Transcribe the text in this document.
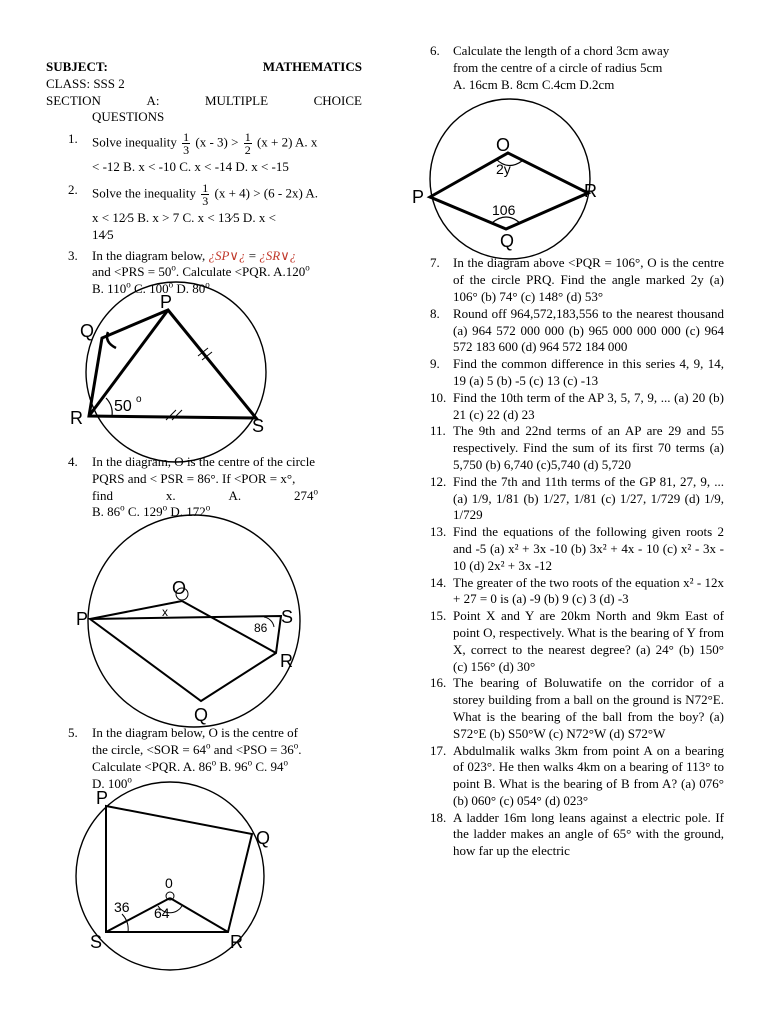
SUBJECT:	MATHEMATICS
CLASS: SSS 2
SECTION	A:	MULTIPLE	CHOICE
QUESTIONS
1. Solve inequality $\frac{1}{3} (x - 3) > \frac{1}{2} (x + 2)$ A. x
< -12 B. x < -10 C. x < -14 D. x < -15
2. Solve the inequality $\frac{1}{3} (x + 4) > (6 - 2x)$ A.
x < 12⁄5 B. x > 7 C. x < 13⁄5 D. x <
14⁄5
3. In the diagram below, ¿SP∨¿ = ¿SR∨¿
and $<PRS = 50^o$. Calculate <PQR. A.120$^o$
B. 110$^o$ C. 100$^o$ D. 80$^o$
P
Q
R	S
50 o
4. In the diagram, O is the centre of the circle
PQRS and < PSR = 86°. If <POR = x°,
find	x.	A.	274$^o$
B. 86$^o$ C. 129$^o$ D. 172$^o$
P
O
S
R
Q
x
86
5. In the diagram below, O is the centre of
the circle, $<SOR = 64^o$ and $<PSO = 36^o$.
Calculate <PQR. A. 86$^o$ B. 96$^o$ C. 94$^o$
D. 100$^o$
P
Q
S	R
0
36 64
6. Calculate the length of a chord 3cm away
from the centre of a circle of radius 5cm
A. 16cm B. 8cm C.4cm D.2cm
O
P	R
Q
2y
106
7. In the diagram above <PQR = 106°, O is the centre of the circle PRQ. Find the angle marked 2y (a) 106° (b) 74° (c) 148° (d) 53°
8. Round off 964,572,183,556 to the nearest thousand (a) 964 572 000 000 (b) 965 000 000 000 (c) 964 572 183 600 (d) 964 572 184 000
9. Find the common difference in this series 4, 9, 14, 19 (a) 5 (b) -5 (c) 13 (c) -13
10. Find the 10th term of the AP 3, 5, 7, 9, ... (a) 20 (b) 21 (c) 22 (d) 23
11. The 9th and 22nd terms of an AP are 29 and 55 respectively. Find the sum of its first 70 terms (a) 5,750 (b) 6,740 (c)5,740 (d) 5,720
12. Find the 7th and 11th terms of the GP 81, 27, 9, ... (a) 1/9, 1/81 (b) 1/27, 1/81 (c) 1/27, 1/729 (d) 1/9, 1/729
13. Find the equations of the following given roots 2 and -5 (a) x² + 3x -10 (b) 3x² + 4x - 10 (c) x² - 3x - 10 (d) 2x² + 3x -12
14. The greater of the two roots of the equation x² - 12x + 27 = 0 is (a) -9 (b) 9 (c) 3 (d) -3
15. Point X and Y are 20km North and 9km East of point O, respectively. What is the bearing of Y from X, correct to the nearest degree? (a) 24° (b) 150° (c) 156° (d) 30°
16. The bearing of Boluwatife on the corridor of a storey building from a ball on the ground is N72°E. What is the bearing of the ball from the boy? (a) S72°E (b) S50°W (c) N72°W (d) S72°W
17. Abdulmalik walks 3km from point A on a bearing of 023°. He then walks 4km on a bearing of 113° to point B. What is the bearing of B from A? (a) 076° (b) 060° (c) 054° (d) 023°
18. A ladder 16m long leans against a electric pole. If the ladder makes an angle of 65° with the ground, how far up the electric
